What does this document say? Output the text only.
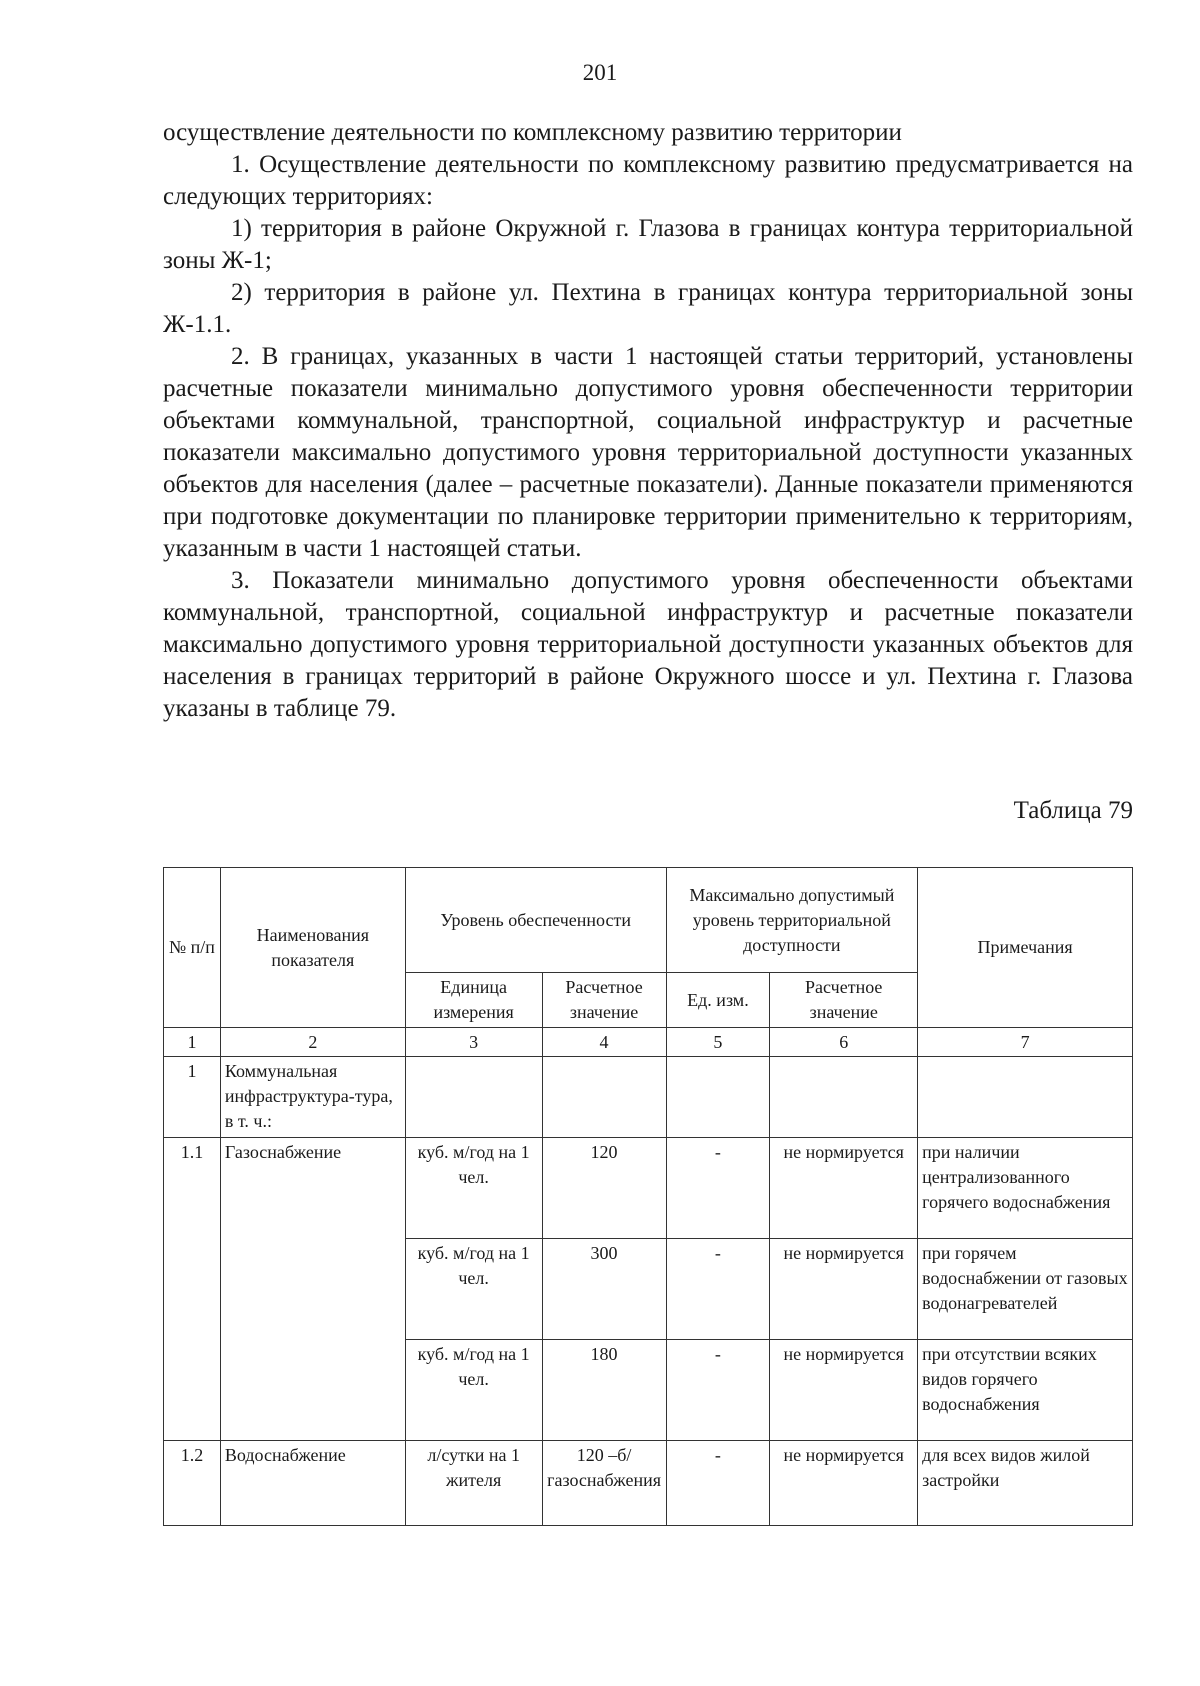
201

осуществление деятельности по комплексному развитию территории

1. Осуществление деятельности по комплексному развитию предусматривается на следующих территориях:

1) территория в районе Окружной г. Глазова в границах контура территориальной зоны Ж-1;

2) территория в районе ул. Пехтина в границах контура территориальной зоны Ж-1.1.

2. В границах, указанных в части 1 настоящей статьи территорий, установлены расчетные показатели минимально допустимого уровня обеспеченности территории объектами коммунальной, транспортной, социальной инфраструктур и расчетные показатели максимально допустимого уровня территориальной доступности указанных объектов для населения (далее – расчетные показатели). Данные показатели применяются при подготовке документации по планировке территории применительно к территориям, указанным в части 1 настоящей статьи.

3. Показатели минимально допустимого уровня обеспеченности объектами коммунальной, транспортной, социальной инфраструктур и расчетные показатели максимально допустимого уровня территориальной доступности указанных объектов для населения в границах территорий в районе Окружного шоссе и ул. Пехтина г. Глазова указаны в таблице 79.

Таблица 79
№ п/п	Наименования показателя	Уровень обеспеченности		Максимально допустимый уровень территориальной доступности		Примечания
		Единица измерения	Расчетное значение	Ед. изм.	Расчетное значение	
1	2	3	4	5	6	7
1	Коммунальная инфраструктура-тура, в т. ч.:					
1.1	Газоснабжение	куб. м/год на 1 чел.	120	-	не нормируется	при наличии централизованного горячего водоснабжения
		куб. м/год на 1 чел.	300	-	не нормируется	при горячем водоснабжении от газовых водонагревателей
		куб. м/год на 1 чел.	180	-	не нормируется	при отсутствии всяких видов горячего водоснабжения
1.2	Водоснабжение	л/сутки на 1 жителя	120 –б/газоснабжения	-	не нормируется	для всех видов жилой застройки
